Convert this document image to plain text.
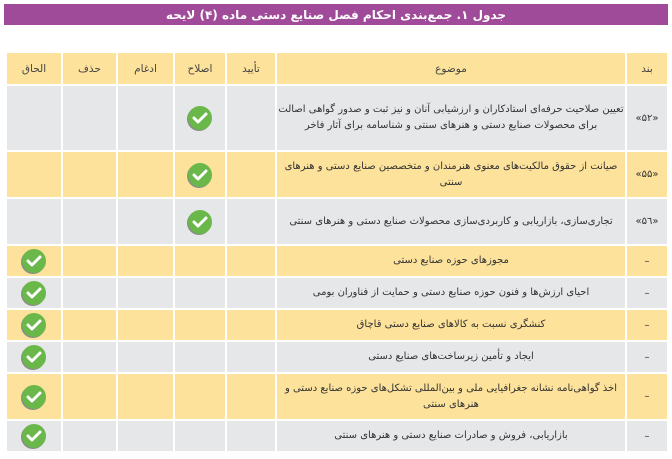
جدول ۱. جمع‌بندی احکام فصل صنایع دستی ماده (۴) لایحه
بند	موضوع	تأیید	اصلاح	ادغام	حذف	الحاق
«۵۲»	تعیین صلاحیت حرفه‌ای استادکاران و ارزشیابی آنان و نیز ثبت و صدور گواهی اصالت برای محصولات صنایع دستی و هنرهای سنتی و شناسامه برای آثار فاخر		

«۵۵»	صیانت از حقوق مالکیت‌های معنوی هنرمندان و متخصصین صنایع دستی و هنرهای سنتی		

«۵٦»	تجاری‌سازی، بازاریابی و کاربردی‌سازی محصولات صنایع دستی و هنرهای سنتی		

–	مجوزهای حوزه صنایع دستی					

–	احیای ارزش‌ها و فنون حوزه صنایع دستی و حمایت از فناوران بومی					

–	کنشگری نسبت به کالاهای صنایع دستی قاچاق					

–	ایجاد و تأمین زیرساخت‌های صنایع دستی					

–	اخذ گواهی‌نامه نشانه جغرافیایی ملی و بین‌المللی تشکل‌های حوزه صنایع دستی و هنرهای سنتی					

–	بازاریابی، فروش و صادرات صنایع دستی و هنرهای سنتی					
